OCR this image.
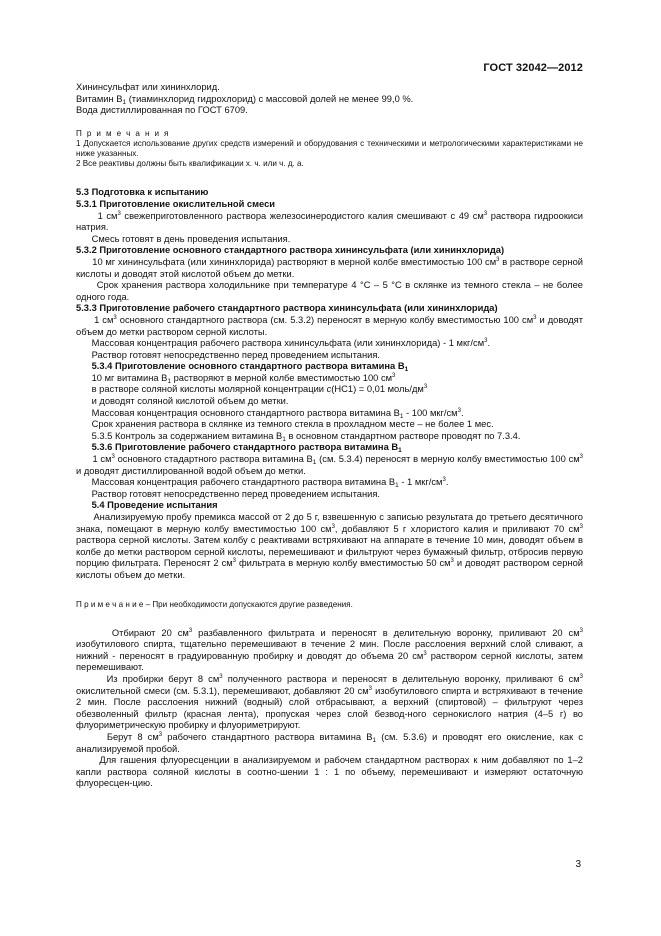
ГОСТ 32042—2012

Хининсульфат или хининхлорид.

Витамин $В_1$ (тиаминхлорид гидрохлорид) с массовой долей не менее 99,0 %.

Вода дистиллированная по ГОСТ 6709.

П р и м е ч а н и я

1 Допускается использование других средств измерений и оборудования с техническими и метрологическими характеристиками не ниже указанных.

2 Все реактивы должны быть квалификации х. ч. или ч. д. а.

5.3 Подготовка к испытанию

5.3.1 Приготовление окислительной смеси

1 $см^3$ свежеприготовленного раствора железосинеродистого калия смешивают с 49 $см^3$ раствора гидроокиси натрия.

Смесь готовят в день проведения испытания.

5.3.2 Приготовление основного стандартного раствора хининсульфата (или хининхлорида)

10 мг хининсульфата (или хининхлорида) растворяют в мерной колбе вместимостью 100 $см^3$ в растворе серной кислоты и доводят этой кислотой объем до метки.

Срок хранения раствора холодильнике при температуре 4 °С – 5 °С в склянке из темного стекла – не более одного года.

5.3.3 Приготовление рабочего стандартного раствора хининсульфата (или хининхлорида)

1 $см^3$ основного стандартного раствора (см. 5.3.2) переносят в мерную колбу вместимостью 100 $см^3$ и доводят объем до метки раствором серной кислоты.

Массовая концентрация рабочего раствора хининсульфата (или хининхлорида) - 1 мкг/$см^3$.

Раствор готовят непосредственно перед проведением испытания.

5.3.4 Приготовление основного стандартного раствора витамина $В_1$

10 мг витамина $В_1$ растворяют в мерной колбе вместимостью 100 $см^3$

в растворе соляной кислоты молярной концентрации с(НС1) = 0,01 моль/$дм^3$

и доводят соляной кислотой объем до метки.

Массовая концентрация основного стандартного раствора витамина $В_1 - 100$ мкг/$см^3$.

Срок хранения раствора в склянке из темного стекла в прохладном месте – не более 1 мес.

5.3.5 Контроль за содержанием витамина $В_1$ в основном стандартном растворе проводят по 7.3.4.

5.3.6 Приготовление рабочего стандартного раствора витамина $В_1$

1 $см^3$ основного стадартного раствора витамина $В_1$ (см. 5.3.4) переносят в мерную колбу вместимостью 100 $см^3$ и доводят дистиллированной водой объем до метки.

Массовая концентрация рабочего стандартного раствора витамина $В_1 - 1$ мкг/$см^3$.

Раствор готовят непосредственно перед проведением испытания.

5.4 Проведение испытания

Анализируемую пробу премикса массой от 2 до 5 г, взвешенную с записью результата до третьего десятичного знака, помещают в мерную колбу вместимостью 100 $см^3$, добавляют 5 г хлористого калия и приливают 70 $см^3$ раствора серной кислоты. Затем колбу с реактивами встряхивают на аппарате в течение 10 мин, доводят объем в колбе до метки раствором серной кислоты, перемешивают и фильтруют через бумажный фильтр, отбросив первую порцию фильтрата. Переносят 2 $см^3$ фильтрата в мерную колбу вместимостью 50 $см^3$ и доводят раствором серной кислоты объем до метки.

П р и м е ч а н и е – При необходимости допускаются другие разведения.

Отбирают 20 $см^3$ разбавленного фильтрата и переносят в делительную воронку, приливают 20 $см^3$ изобутилового спирта, тщательно перемешивают в течение 2 мин. После расслоения верхний слой сливают, а нижний - переносят в градуированную пробирку и доводят до объема 20 $см^3$ раствором серной кислоты, затем перемешивают.

Из пробирки берут 8 $см^3$ полученного раствора и переносят в делительную воронку, приливают 6 $см^3$ окислительной смеси (см. 5.3.1), перемешивают, добавляют 20 $см^3$ изобутилового спирта и встряхивают в течение 2 мин. После расслоения нижний (водный) слой отбрасывают, а верхний (спиртовой) – фильтруют через обезволенный фильтр (красная лента), пропуская через слой безвод-ного сернокислого натрия (4–5 г) во флуориметрическую пробирку и флуориметрируют.

Берут 8 $см^3$ рабочего стандартного раствора витамина $В_1$ (см. 5.3.6) и проводят его окисление, как с анализируемой пробой.

Для гашения флуоресценции в анализируемом и рабочем стандартном растворах к ним добавляют по 1–2 капли раствора соляной кислоты в соотно-шении 1 : 1 по объему, перемешивают и измеряют остаточную флуоресцен-цию.

3
